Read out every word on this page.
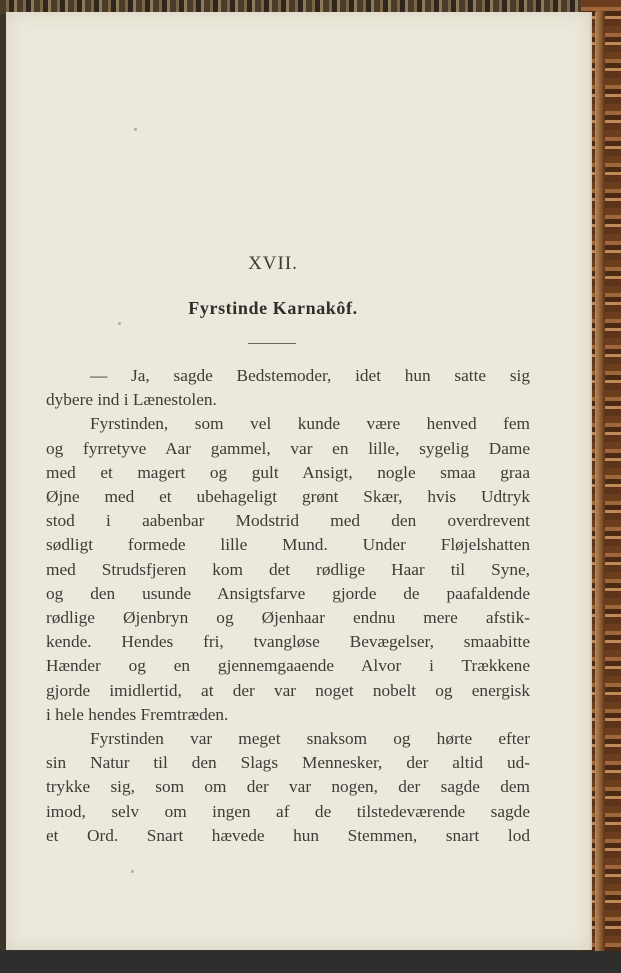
XVII.
Fyrstinde Karnakôf.
— Ja, sagde Bedstemoder, idet hun satte sig
dybere ind i Lænestolen.
Fyrstinden, som vel kunde være henved fem
og fyrretyve Aar gammel, var en lille, sygelig Dame
med et magert og gult Ansigt, nogle smaa graa
Øjne med et ubehageligt grønt Skær, hvis Udtryk
stod i aabenbar Modstrid med den overdrevent
sødligt formede lille Mund. Under Fløjelshatten
med Strudsfjeren kom det rødlige Haar til Syne,
og den usunde Ansigtsfarve gjorde de paafaldende
rødlige Øjenbryn og Øjenhaar endnu mere afstik-
kende. Hendes fri, tvangløse Bevægelser, smaabitte
Hænder og en gjennemgaaende Alvor i Trækkene
gjorde imidlertid, at der var noget nobelt og energisk
i hele hendes Fremtræden.
Fyrstinden var meget snaksom og hørte efter
sin Natur til den Slags Mennesker, der altid ud-
trykke sig, som om der var nogen, der sagde dem
imod, selv om ingen af de tilstedeværende sagde
et Ord. Snart hævede hun Stemmen, snart lod
